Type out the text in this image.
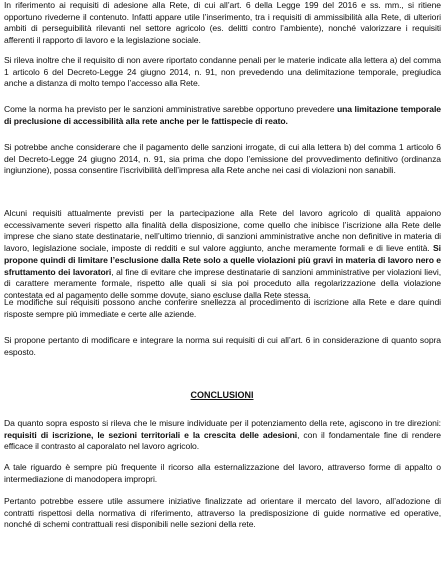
In riferimento ai requisiti di adesione alla Rete, di cui all’art. 6 della Legge 199 del 2016 e ss. mm., si ritiene opportuno rivederne il contenuto. Infatti appare utile l’inserimento, tra i requisiti di ammissibilità alla Rete, di ulteriori ambiti di perseguibilità rilevanti nel settore agricolo (es. delitti contro l’ambiente), nonché valorizzare i requisiti afferenti il rapporto di lavoro e la legislazione sociale.

Si rileva inoltre che il requisito di non avere riportato condanne penali per le materie indicate alla lettera a) del comma 1 articolo 6 del Decreto-Legge 24 giugno 2014, n. 91, non prevedendo una delimitazione temporale, pregiudica anche a distanza di molto tempo l’accesso alla Rete.

Come la norma ha previsto per le sanzioni amministrative sarebbe opportuno prevedere una limitazione temporale di preclusione di accessibilità alla rete anche per le fattispecie di reato.

Si potrebbe anche considerare che il pagamento delle sanzioni irrogate, di cui alla lettera b) del comma 1 articolo 6 del Decreto-Legge 24 giugno 2014, n. 91, sia prima che dopo l’emissione del provvedimento definitivo (ordinanza ingiunzione), possa consentire l’iscrivibilità dell’impresa alla Rete anche nei casi di violazioni non sanabili.

Alcuni requisiti attualmente previsti per la partecipazione alla Rete del lavoro agricolo di qualità appaiono eccessivamente severi rispetto alla finalità della disposizione, come quello che inibisce l’iscrizione alla Rete delle imprese che siano state destinatarie, nell’ultimo triennio, di sanzioni amministrative anche non definitive in materia di lavoro, legislazione sociale, imposte di redditi e sul valore aggiunto, anche meramente formali e di lieve entità. Si propone quindi di limitare l’esclusione dalla Rete solo a quelle violazioni più gravi in materia di lavoro nero e sfruttamento dei lavoratori, al fine di evitare che imprese destinatarie di sanzioni amministrative per violazioni lievi, di carattere meramente formale, rispetto alle quali si sia poi proceduto alla regolarizzazione della violazione contestata ed al pagamento delle somme dovute, siano escluse dalla Rete stessa.

Le modifiche sui requisiti possono anche conferire snellezza al procedimento di iscrizione alla Rete e dare quindi risposte sempre più immediate e certe alle aziende.

Si propone pertanto di modificare e integrare la norma sui requisiti di cui all’art. 6 in considerazione di quanto sopra esposto.

CONCLUSIONI

Da quanto sopra esposto si rileva che le misure individuate per il potenziamento della rete, agiscono in tre direzioni: requisiti di iscrizione, le sezioni territoriali e la crescita delle adesioni, con il fondamentale fine di rendere efficace il contrasto al caporalato nel lavoro agricolo.

A tale riguardo è sempre più frequente il ricorso alla esternalizzazione del lavoro, attraverso forme di appalto o intermediazione di manodopera impropri.

Pertanto potrebbe essere utile assumere iniziative finalizzate ad orientare il mercato del lavoro, all’adozione di contratti rispettosi della normativa di riferimento, attraverso la predisposizione di guide normative ed operative, nonché di schemi contrattuali resi disponibili nelle sezioni della rete.
